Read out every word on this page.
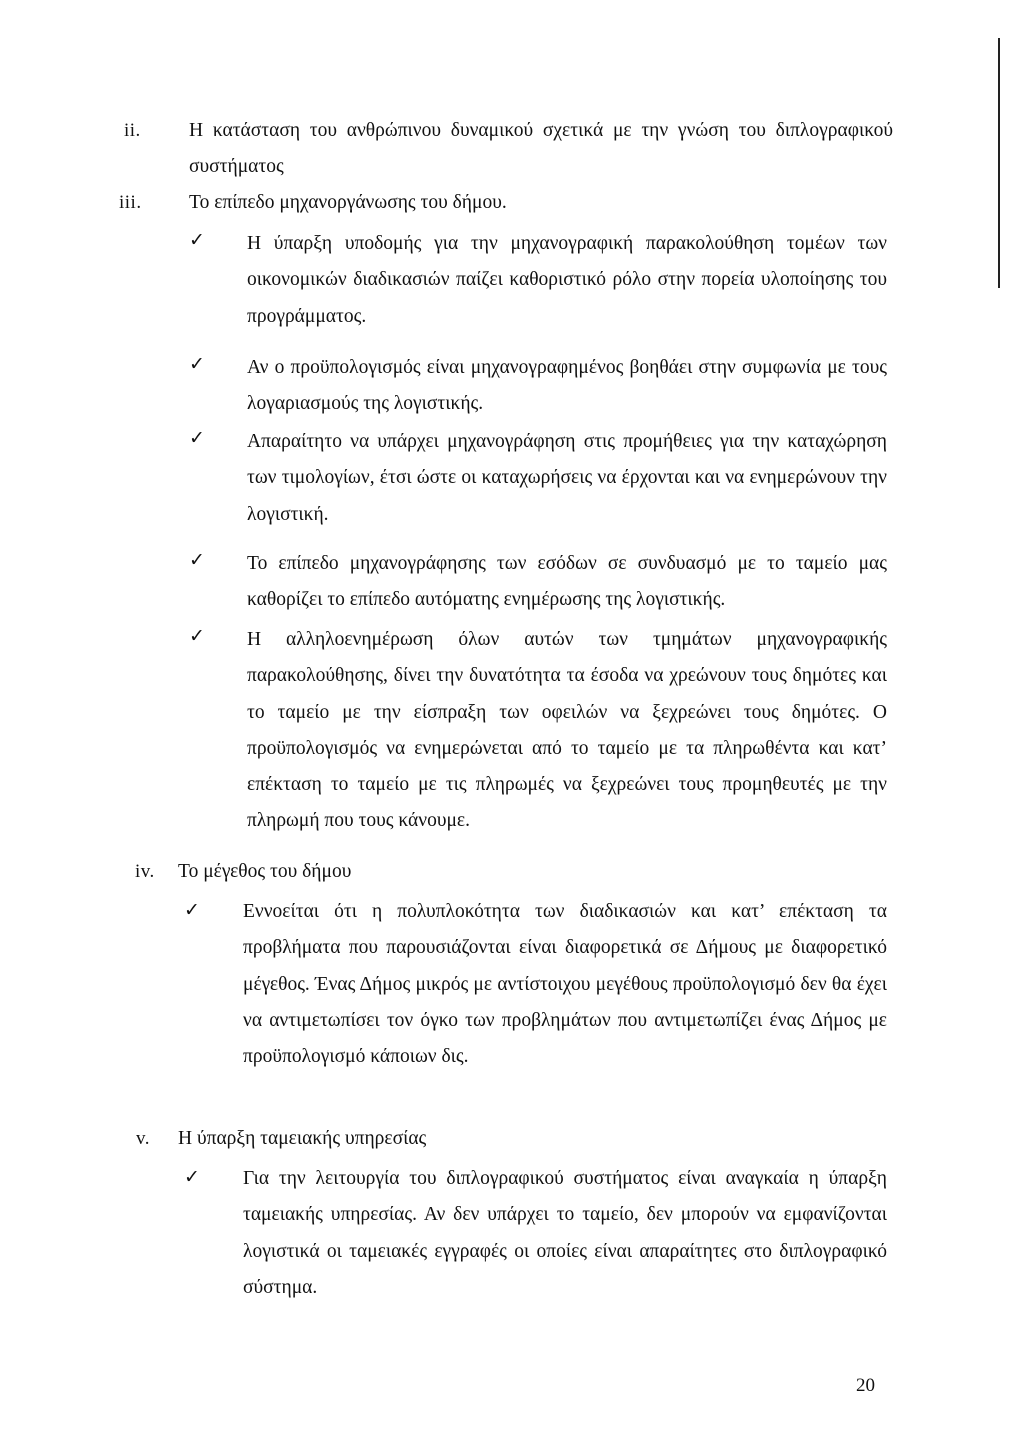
ii. Η κατάσταση του ανθρώπινου δυναμικού σχετικά με την γνώση του διπλογραφικού συστήματος

iii. Το επίπεδο μηχανοργάνωσης του δήμου.
✓ Η ύπαρξη υποδομής για την μηχανογραφική παρακολούθηση τομέων των οικονομικών διαδικασιών παίζει καθοριστικό ρόλο στην πορεία υλοποίησης του προγράμματος.

✓ Αν ο προϋπολογισμός είναι μηχανογραφημένος βοηθάει στην συμφωνία με τους λογαριασμούς της λογιστικής.

✓ Απαραίτητο να υπάρχει μηχανογράφηση στις προμήθειες για την καταχώρηση των τιμολογίων, έτσι ώστε οι καταχωρήσεις να έρχονται και να ενημερώνουν την λογιστική.

✓ Το επίπεδο μηχανογράφησης των εσόδων σε συνδυασμό με το ταμείο μας καθορίζει το επίπεδο αυτόματης ενημέρωσης της λογιστικής.

✓ Η αλληλοενημέρωση όλων αυτών των τμημάτων μηχανογραφικής παρακολούθησης, δίνει την δυνατότητα τα έσοδα να χρεώνουν τους δημότες και το ταμείο με την είσπραξη των οφειλών να ξεχρεώνει τους δημότες. Ο προϋπολογισμός να ενημερώνεται από το ταμείο με τα πληρωθέντα και κατ’ επέκταση το ταμείο με τις πληρωμές να ξεχρεώνει τους προμηθευτές με την πληρωμή που τους κάνουμε.

iv. Το μέγεθος του δήμου
✓ Εννοείται ότι η πολυπλοκότητα των διαδικασιών και κατ’ επέκταση τα προβλήματα που παρουσιάζονται είναι διαφορετικά σε Δήμους με διαφορετικό μέγεθος. Ένας Δήμος μικρός με αντίστοιχου μεγέθους προϋπολογισμό δεν θα έχει να αντιμετωπίσει τον όγκο των προβλημάτων που αντιμετωπίζει ένας Δήμος με προϋπολογισμό κάποιων δις.

v. Η ύπαρξη ταμειακής υπηρεσίας
✓ Για την λειτουργία του διπλογραφικού συστήματος είναι αναγκαία η ύπαρξη ταμειακής υπηρεσίας. Αν δεν υπάρχει το ταμείο, δεν μπορούν να εμφανίζονται λογιστικά οι ταμειακές εγγραφές οι οποίες είναι απαραίτητες στο διπλογραφικό σύστημα.

20
